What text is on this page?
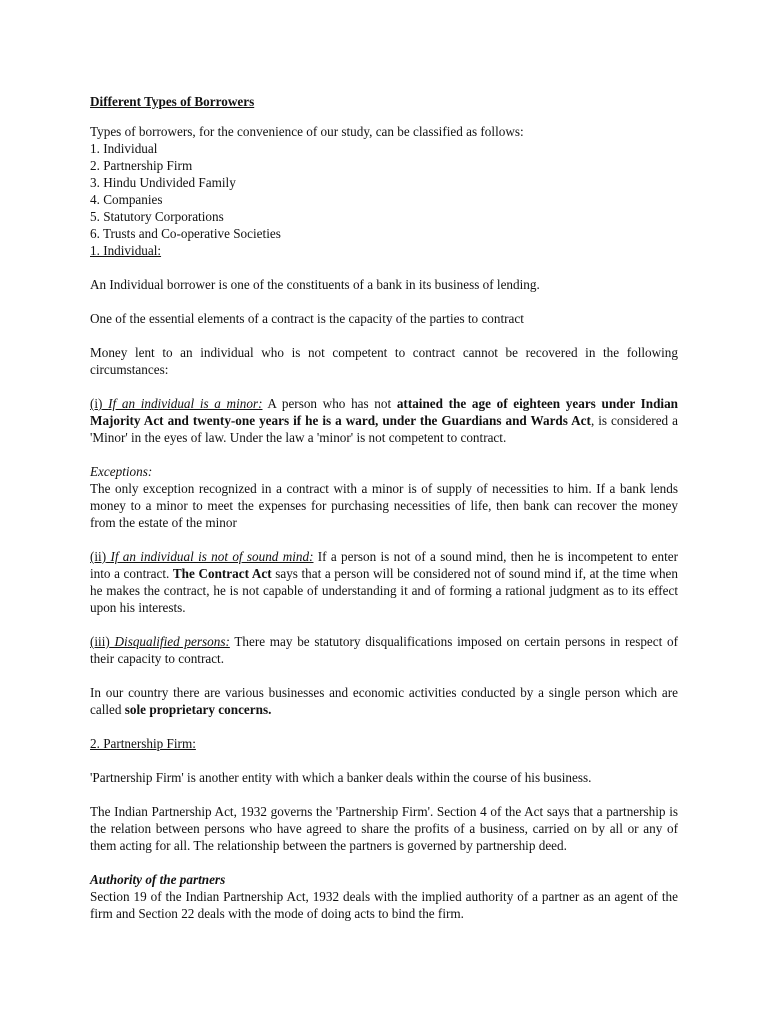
Different Types of Borrowers

Types of borrowers, for the convenience of our study, can be classified as follows:

1. Individual
2. Partnership Firm
3. Hindu Undivided Family
4. Companies
5. Statutory Corporations
6. Trusts and Co-operative Societies

1. Individual:

An Individual borrower is one of the constituents of a bank in its business of lending.

One of the essential elements of a contract is the capacity of the parties to contract

Money lent to an individual who is not competent to contract cannot be recovered in the following circumstances:

(i) If an individual is a minor: A person who has not attained the age of eighteen years under Indian Majority Act and twenty-one years if he is a ward, under the Guardians and Wards Act, is considered a 'Minor' in the eyes of law. Under the law a 'minor' is not competent to contract.

Exceptions:

The only exception recognized in a contract with a minor is of supply of necessities to him. If a bank lends money to a minor to meet the expenses for purchasing necessities of life, then bank can recover the money from the estate of the minor

(ii) If an individual is not of sound mind: If a person is not of a sound mind, then he is incompetent to enter into a contract. The Contract Act says that a person will be considered not of sound mind if, at the time when he makes the contract, he is not capable of understanding it and of forming a rational judgment as to its effect upon his interests.

(iii) Disqualified persons: There may be statutory disqualifications imposed on certain persons in respect of their capacity to contract.

In our country there are various businesses and economic activities conducted by a single person which are called sole proprietary concerns.

2. Partnership Firm:

'Partnership Firm' is another entity with which a banker deals within the course of his business.

The Indian Partnership Act, 1932 governs the 'Partnership Firm'. Section 4 of the Act says that a partnership is the relation between persons who have agreed to share the profits of a business, carried on by all or any of them acting for all. The relationship between the partners is governed by partnership deed.

Authority of the partners

Section 19 of the Indian Partnership Act, 1932 deals with the implied authority of a partner as an agent of the firm and Section 22 deals with the mode of doing acts to bind the firm.
